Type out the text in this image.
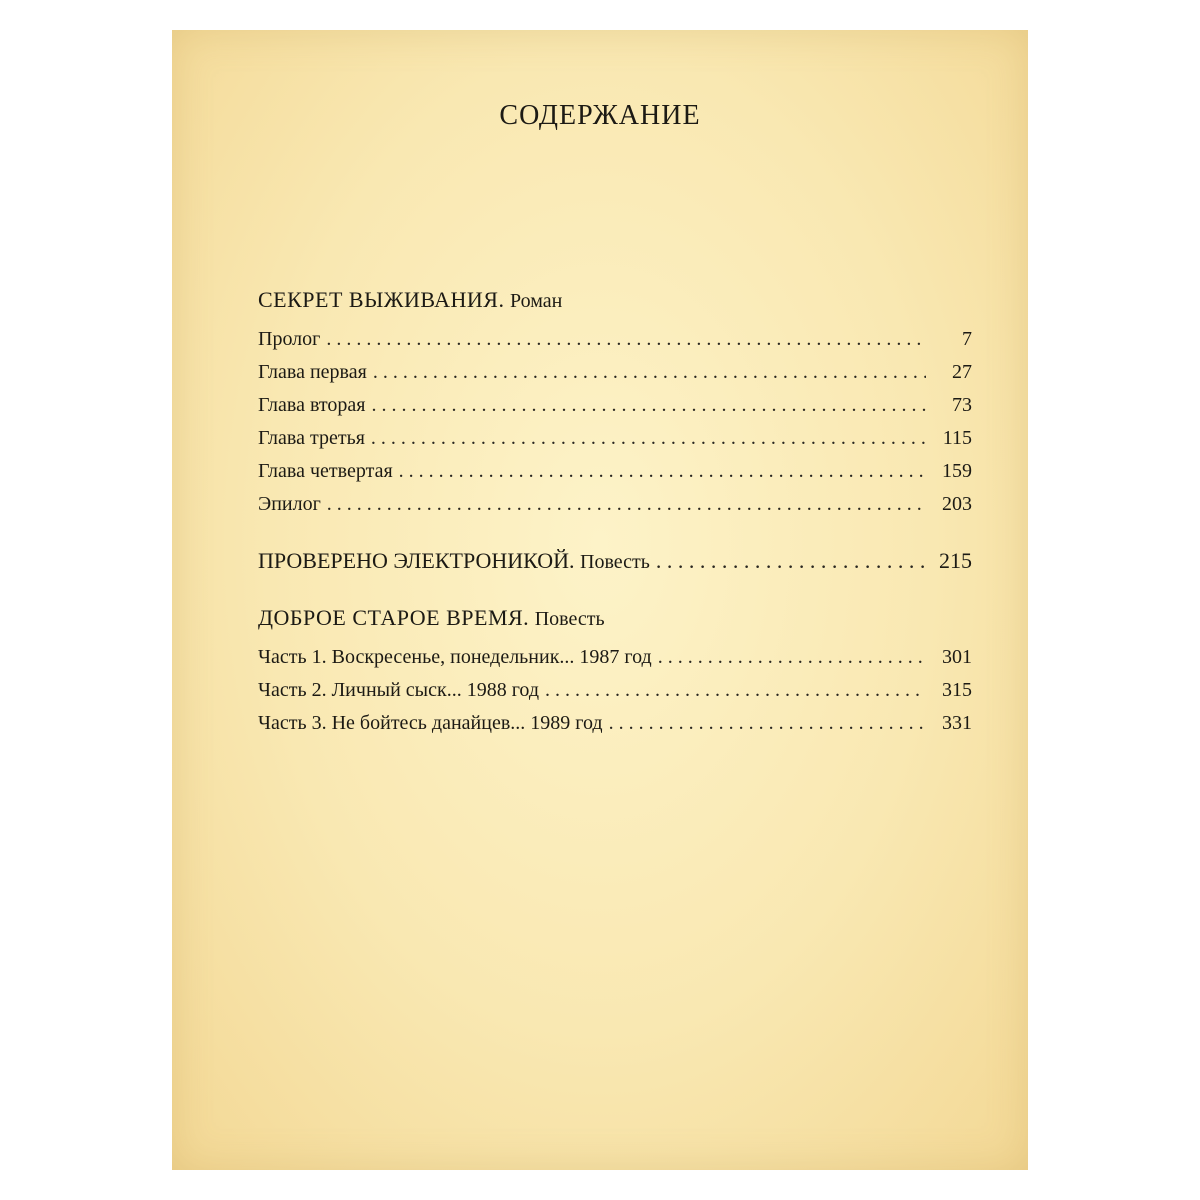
СОДЕРЖАНИЕ
СЕКРЕТ ВЫЖИВАНИЯ. Роман
Пролог . . .	7
Глава первая . . .	27
Глава вторая . . .	73
Глава третья . . .	115
Глава четвертая . . .	159
Эпилог . . .	203
ПРОВЕРЕНО ЭЛЕКТРОНИКОЙ. Повесть . . .	215
ДОБРОЕ СТАРОЕ ВРЕМЯ. Повесть
Часть 1. Воскресенье, понедельник... 1987 год . . .	301
Часть 2. Личный сыск... 1988 год . . .	315
Часть 3. Не бойтесь данайцев... 1989 год . . .	331
